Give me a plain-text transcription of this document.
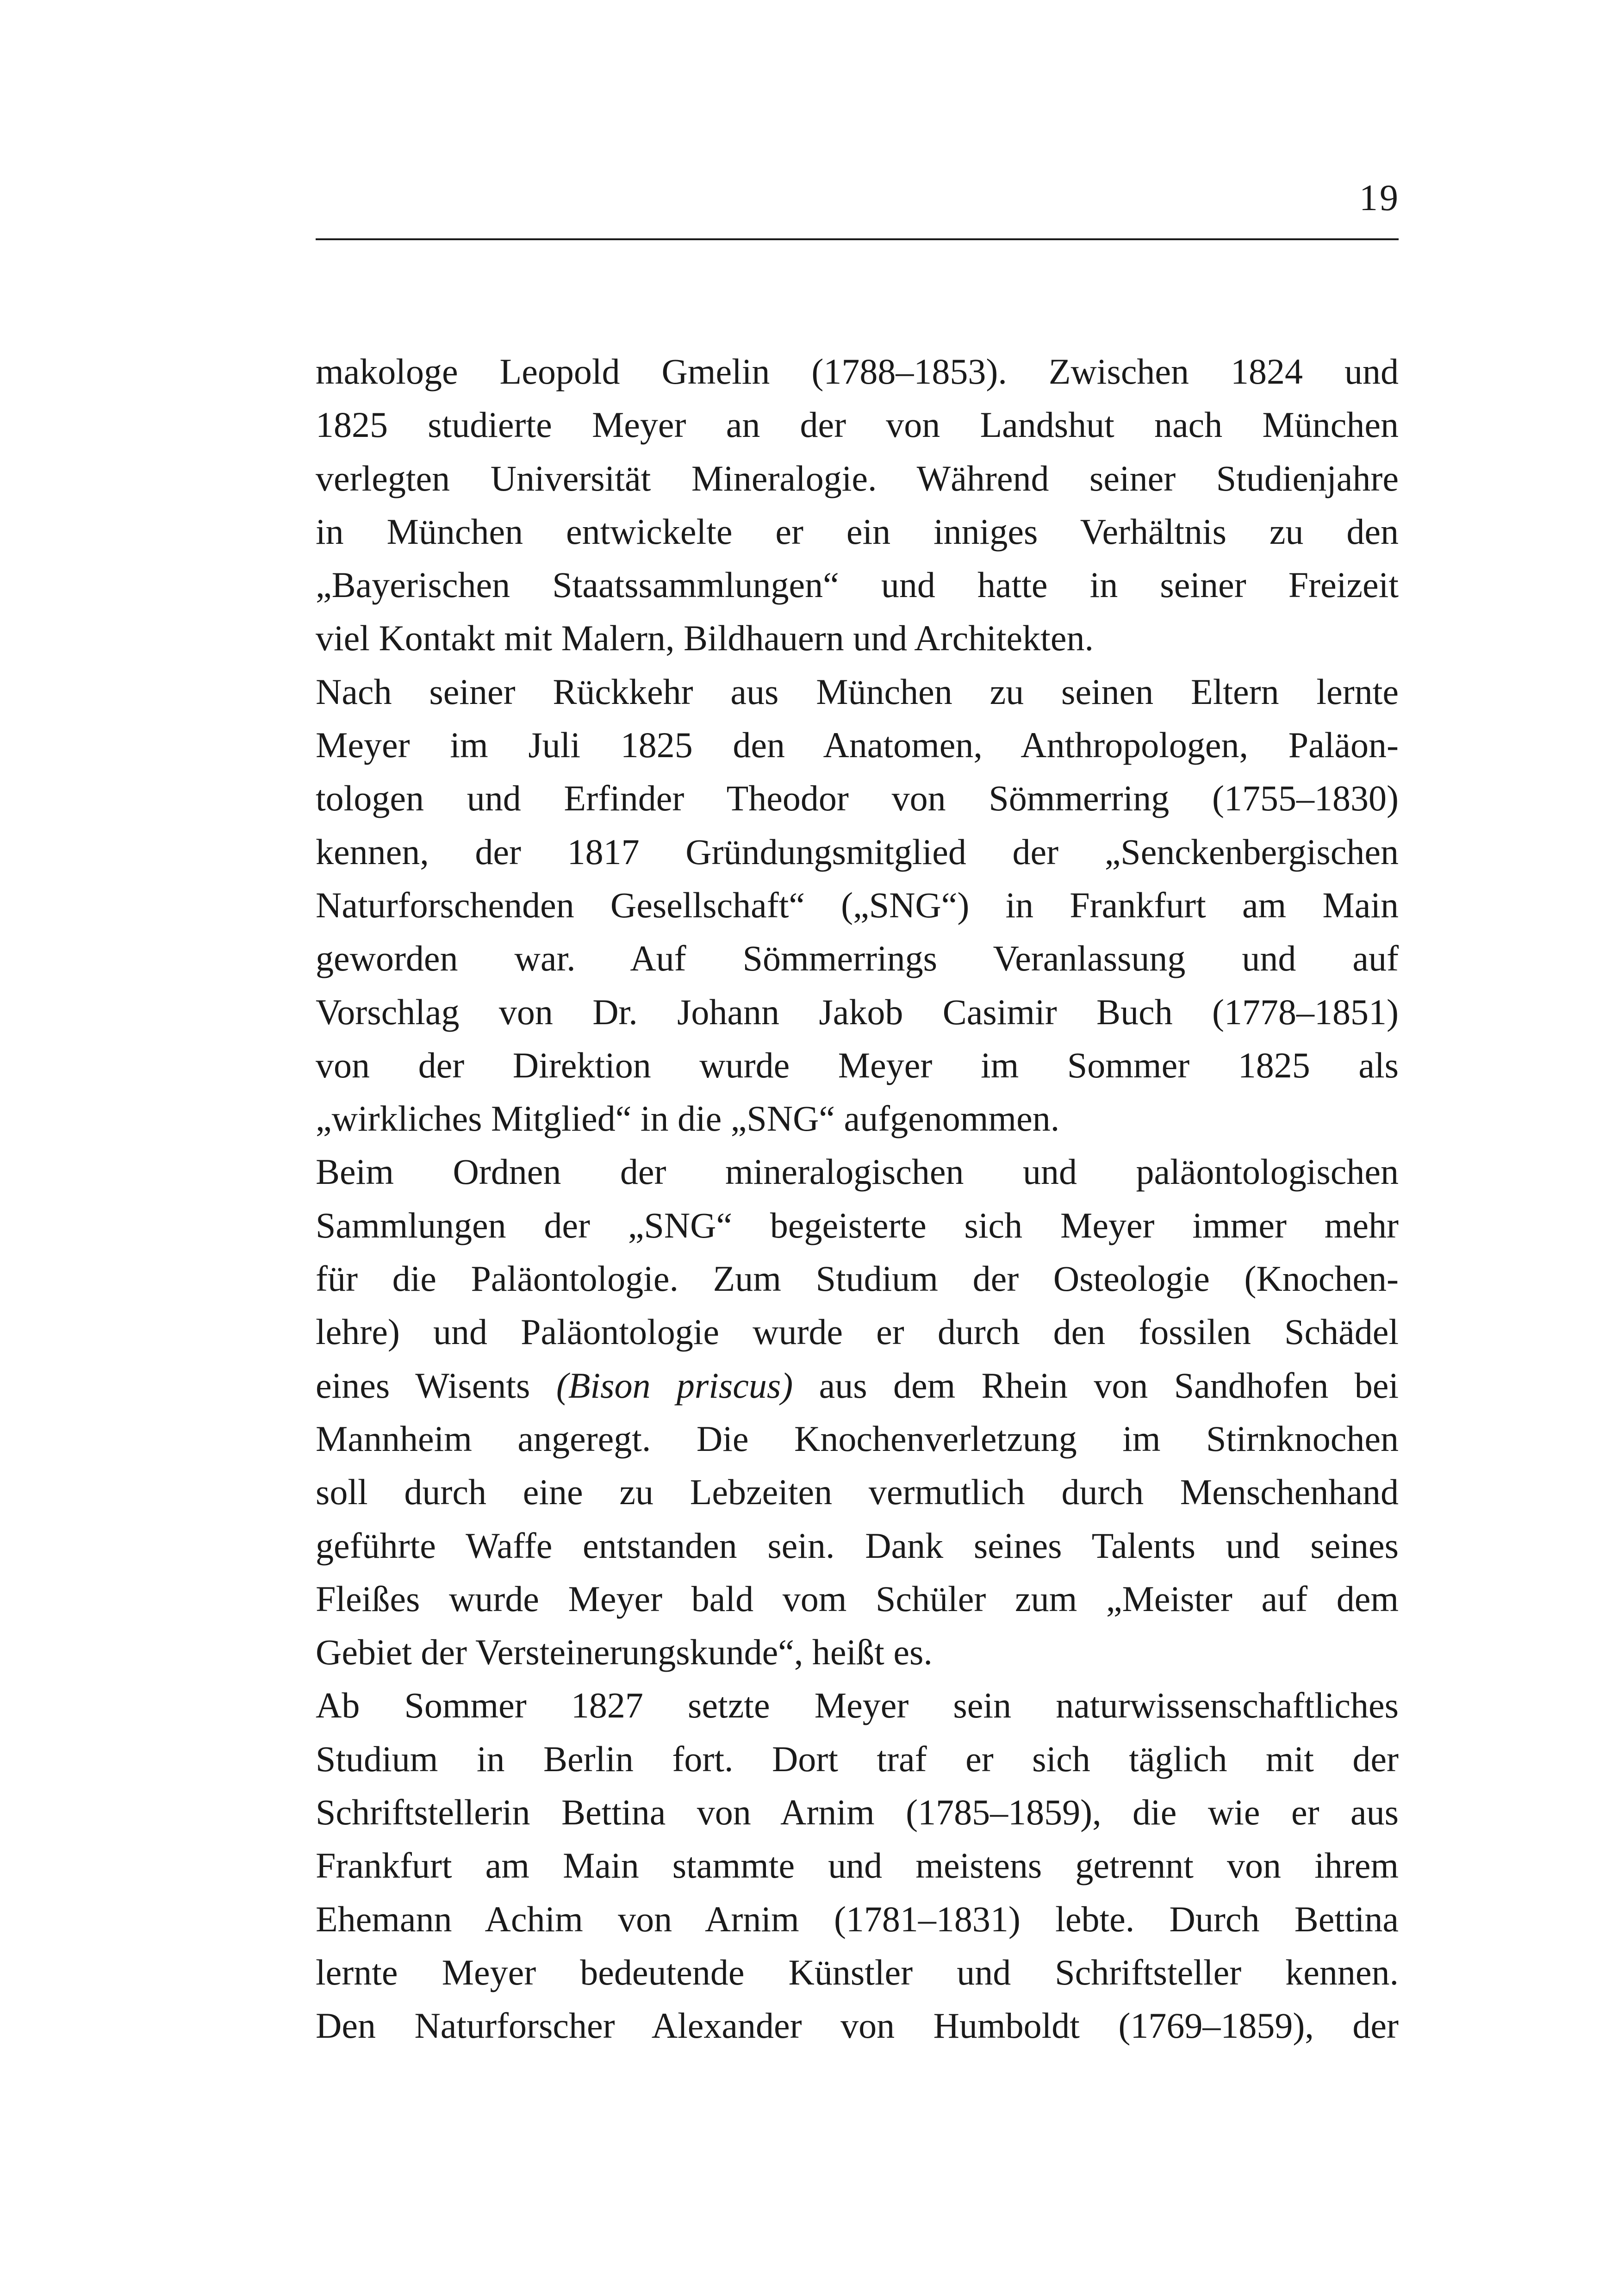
19
makologe Leopold Gmelin (1788–1853). Zwischen 1824 und
1825 studierte Meyer an der von Landshut nach München
verlegten Universität Mineralogie. Während seiner Studienjahre
in München entwickelte er ein inniges Verhältnis zu den
„Bayerischen Staatssammlungen“ und hatte in seiner Freizeit
viel Kontakt mit Malern, Bildhauern und Architekten.
Nach seiner Rückkehr aus München zu seinen Eltern lernte
Meyer im Juli 1825 den Anatomen, Anthropologen, Paläon-
tologen und Erfinder Theodor von Sömmerring (1755–1830)
kennen, der 1817 Gründungsmitglied der „Senckenbergischen
Naturforschenden Gesellschaft“ („SNG“) in Frankfurt am Main
geworden war. Auf Sömmerrings Veranlassung und auf
Vorschlag von Dr. Johann Jakob Casimir Buch (1778–1851)
von der Direktion wurde Meyer im Sommer 1825 als
„wirkliches Mitglied“ in die „SNG“ aufgenommen.
Beim Ordnen der mineralogischen und paläontologischen
Sammlungen der „SNG“ begeisterte sich Meyer immer mehr
für die Paläontologie. Zum Studium der Osteologie (Knochen-
lehre) und Paläontologie wurde er durch den fossilen Schädel
eines Wisents (Bison priscus) aus dem Rhein von Sandhofen bei
Mannheim angeregt. Die Knochenverletzung im Stirnknochen
soll durch eine zu Lebzeiten vermutlich durch Menschenhand
geführte Waffe entstanden sein. Dank seines Talents und seines
Fleißes wurde Meyer bald vom Schüler zum „Meister auf dem
Gebiet der Versteinerungskunde“, heißt es.
Ab Sommer 1827 setzte Meyer sein naturwissenschaftliches
Studium in Berlin fort. Dort traf er sich täglich mit der
Schriftstellerin Bettina von Arnim (1785–1859), die wie er aus
Frankfurt am Main stammte und meistens getrennt von ihrem
Ehemann Achim von Arnim (1781–1831) lebte. Durch Bettina
lernte Meyer bedeutende Künstler und Schriftsteller kennen.
Den Naturforscher Alexander von Humboldt (1769–1859), der
